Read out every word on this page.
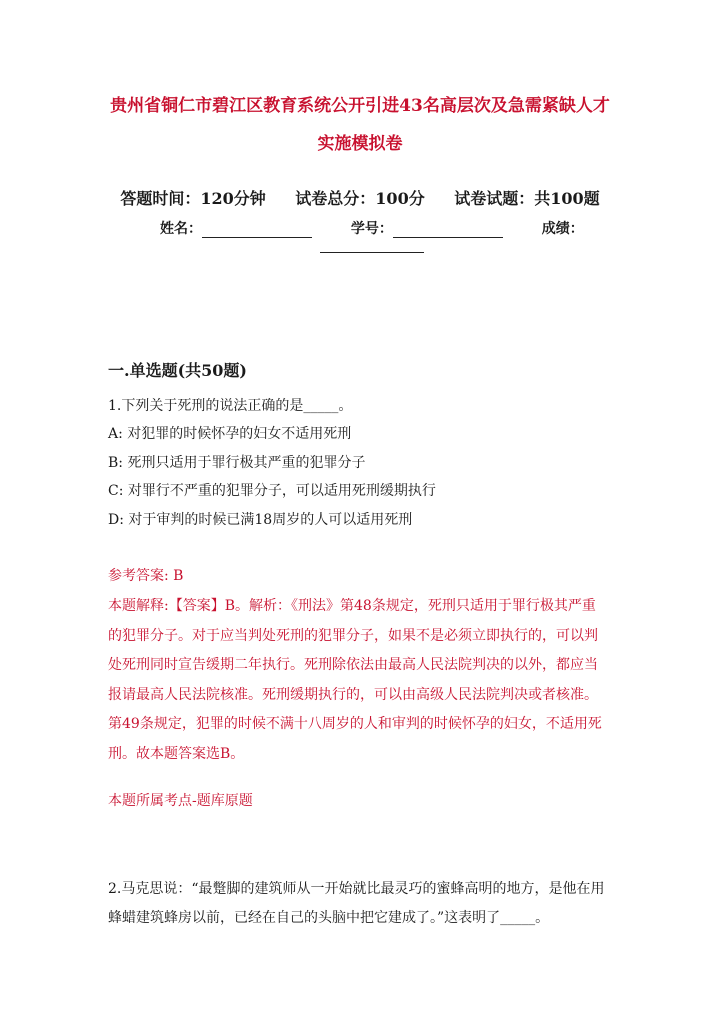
贵州省铜仁市碧江区教育系统公开引进43名高层次及急需紧缺人才
实施模拟卷
答题时间：120分钟 试卷总分：100分 试卷试题：共100题
姓名：	学号：	成绩：
一.单选题(共50题)
1.下列关于死刑的说法正确的是_____。
A: 对犯罪的时候怀孕的妇女不适用死刑
B: 死刑只适用于罪行极其严重的犯罪分子
C: 对罪行不严重的犯罪分子，可以适用死刑缓期执行
D: 对于审判的时候已满18周岁的人可以适用死刑
参考答案: B
本题解释:【答案】B。解析：《刑法》第48条规定，死刑只适用于罪行极其严重的犯罪分子。对于应当判处死刑的犯罪分子，如果不是必须立即执行的，可以判处死刑同时宣告缓期二年执行。死刑除依法由最高人民法院判决的以外，都应当报请最高人民法院核准。死刑缓期执行的，可以由高级人民法院判决或者核准。第49条规定，犯罪的时候不满十八周岁的人和审判的时候怀孕的妇女，不适用死刑。故本题答案选B。
本题所属考点-题库原题
2.马克思说：“最蹩脚的建筑师从一开始就比最灵巧的蜜蜂高明的地方，是他在用蜂蜡建筑蜂房以前，已经在自己的头脑中把它建成了。”这表明了_____。
